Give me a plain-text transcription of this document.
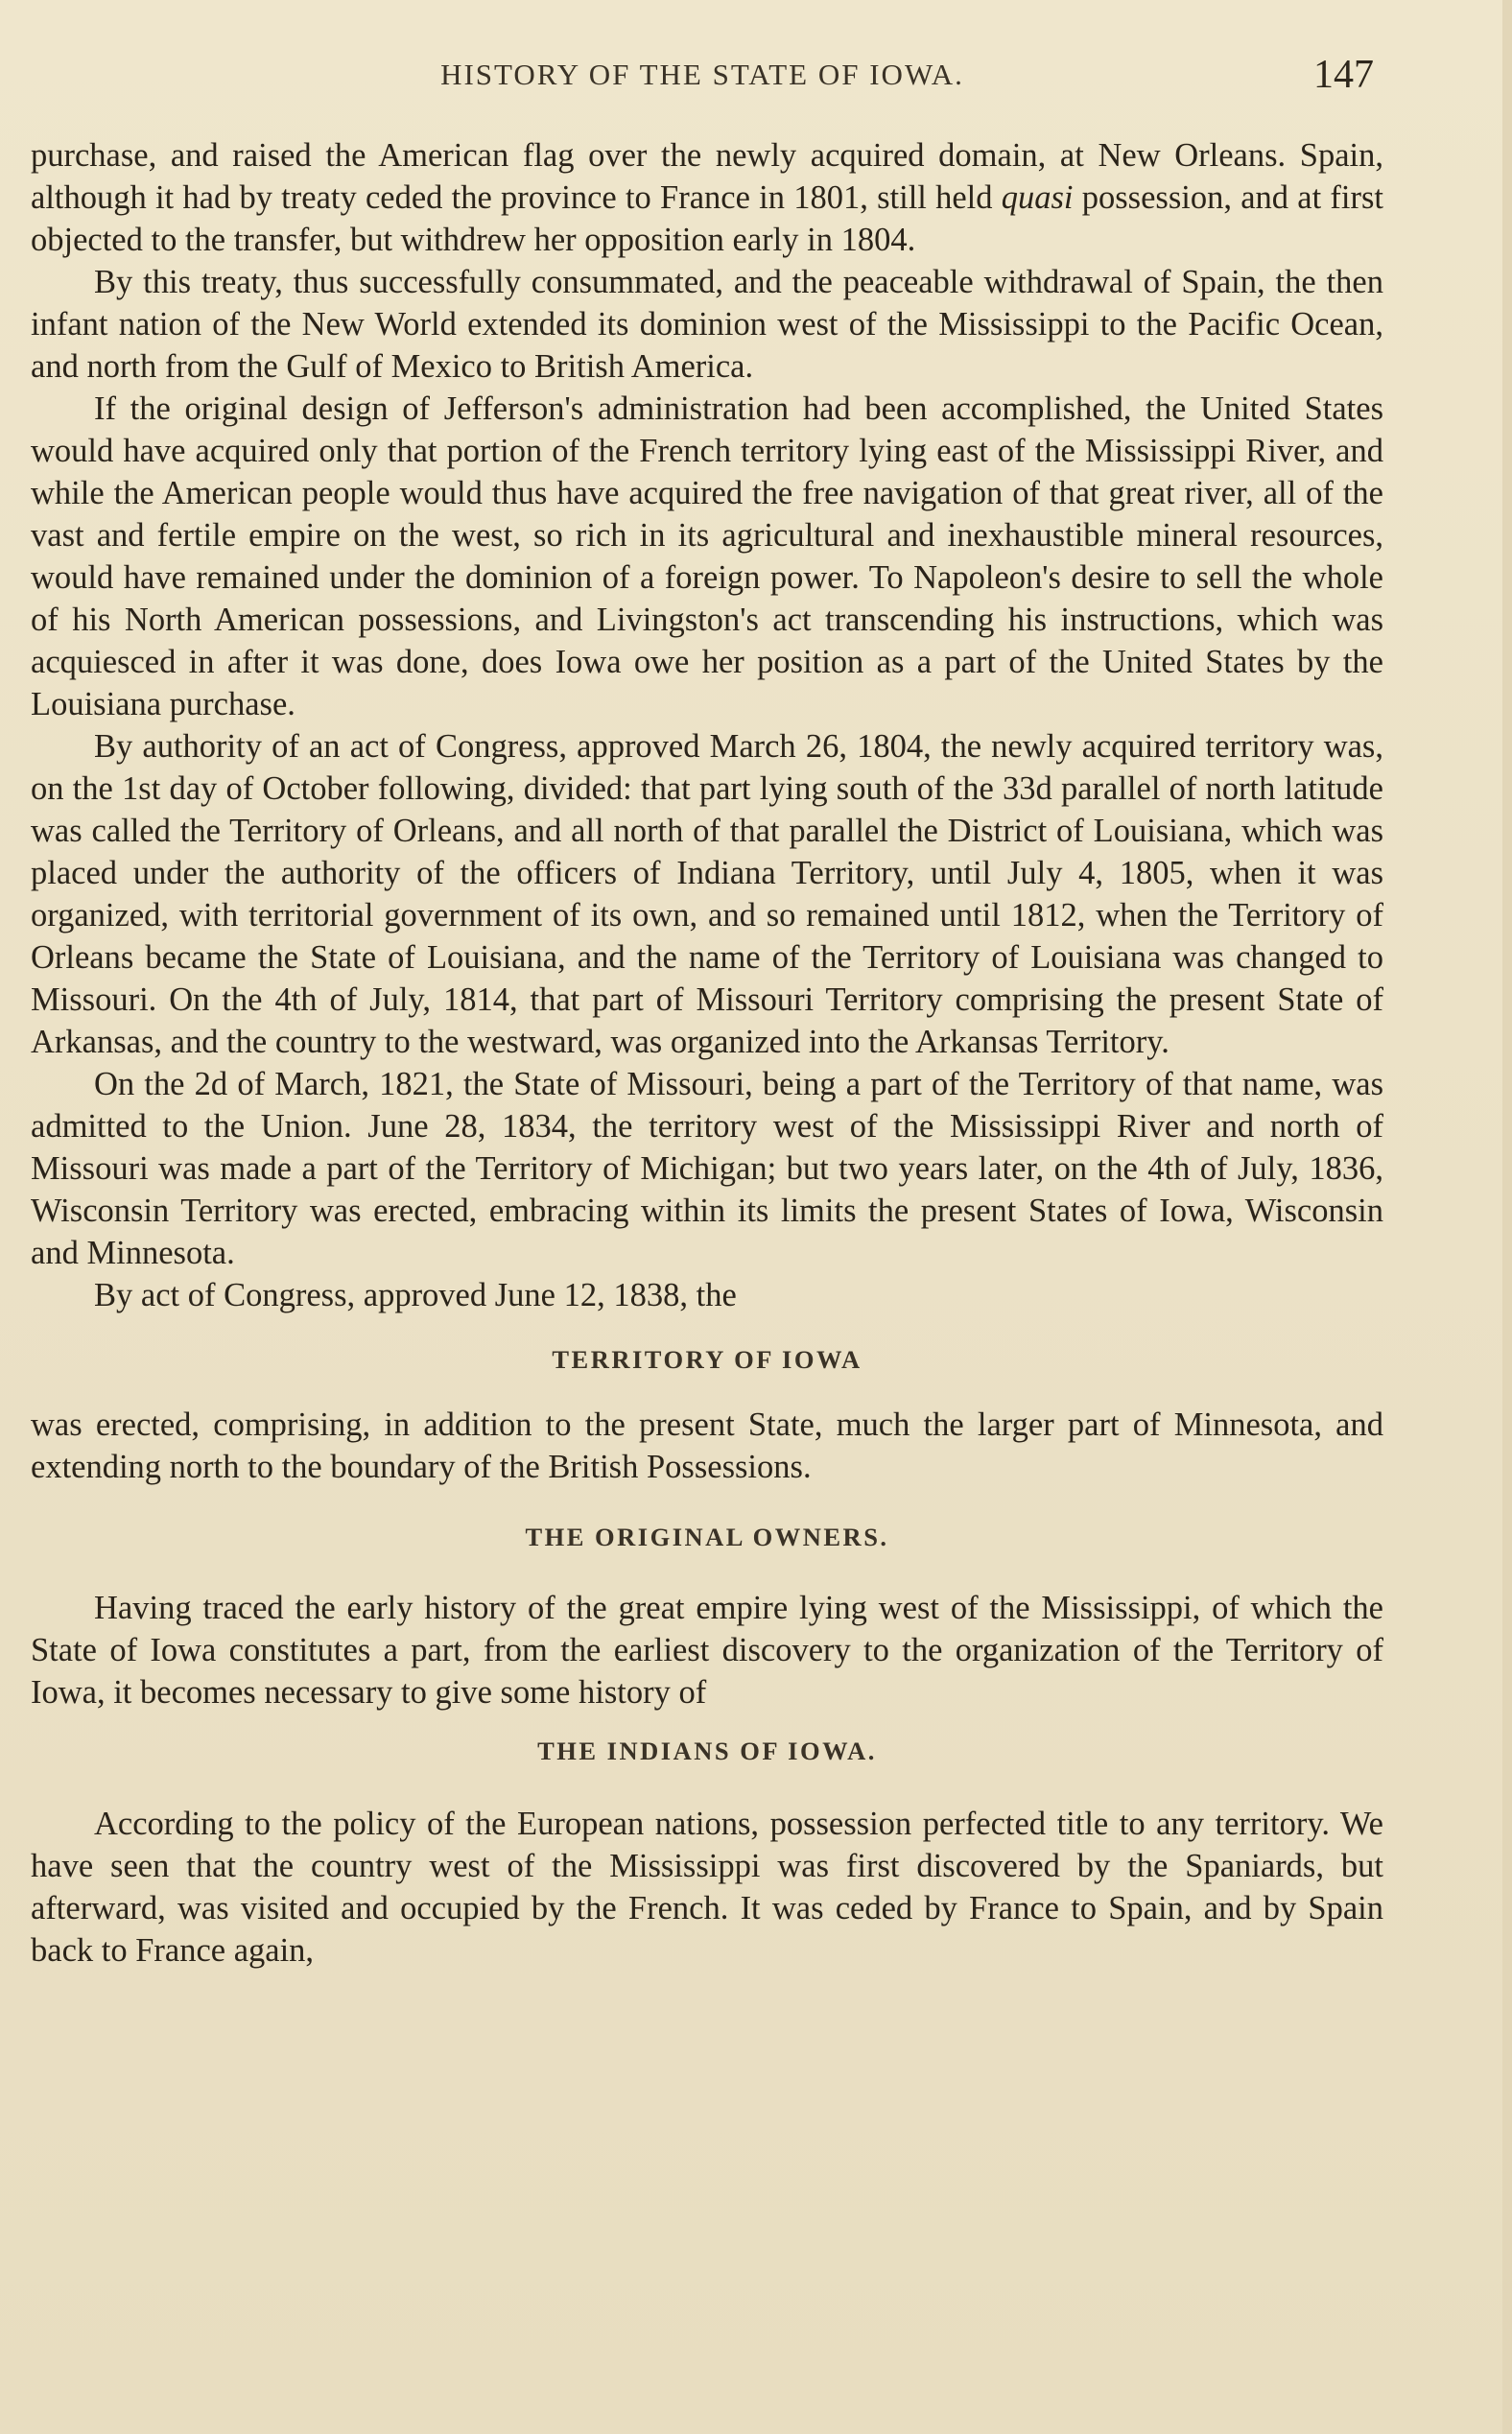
HISTORY OF THE STATE OF IOWA.	147

purchase, and raised the American flag over the newly acquired domain, at New Orleans. Spain, although it had by treaty ceded the province to France in 1801, still held quasi possession, and at first objected to the transfer, but withdrew her opposition early in 1804.

By this treaty, thus successfully consummated, and the peaceable withdrawal of Spain, the then infant nation of the New World extended its dominion west of the Mississippi to the Pacific Ocean, and north from the Gulf of Mexico to British America.

If the original design of Jefferson's administration had been accomplished, the United States would have acquired only that portion of the French territory lying east of the Mississippi River, and while the American people would thus have acquired the free navigation of that great river, all of the vast and fertile empire on the west, so rich in its agricultural and inexhaustible mineral resources, would have remained under the dominion of a foreign power. To Napoleon's desire to sell the whole of his North American possessions, and Livingston's act transcending his instructions, which was acquiesced in after it was done, does Iowa owe her position as a part of the United States by the Louisiana purchase.

By authority of an act of Congress, approved March 26, 1804, the newly acquired territory was, on the 1st day of October following, divided: that part lying south of the 33d parallel of north latitude was called the Territory of Orleans, and all north of that parallel the District of Louisiana, which was placed under the authority of the officers of Indiana Territory, until July 4, 1805, when it was organized, with territorial government of its own, and so remained until 1812, when the Territory of Orleans became the State of Louisiana, and the name of the Territory of Louisiana was changed to Missouri. On the 4th of July, 1814, that part of Missouri Territory comprising the present State of Arkansas, and the country to the westward, was organized into the Arkansas Territory.

On the 2d of March, 1821, the State of Missouri, being a part of the Territory of that name, was admitted to the Union. June 28, 1834, the territory west of the Mississippi River and north of Missouri was made a part of the Territory of Michigan; but two years later, on the 4th of July, 1836, Wisconsin Territory was erected, embracing within its limits the present States of Iowa, Wisconsin and Minnesota.

By act of Congress, approved June 12, 1838, the

TERRITORY OF IOWA

was erected, comprising, in addition to the present State, much the larger part of Minnesota, and extending north to the boundary of the British Possessions.

THE ORIGINAL OWNERS.

Having traced the early history of the great empire lying west of the Mississippi, of which the State of Iowa constitutes a part, from the earliest discovery to the organization of the Territory of Iowa, it becomes necessary to give some history of

THE INDIANS OF IOWA.

According to the policy of the European nations, possession perfected title to any territory. We have seen that the country west of the Mississippi was first discovered by the Spaniards, but afterward, was visited and occupied by the French. It was ceded by France to Spain, and by Spain back to France again,
